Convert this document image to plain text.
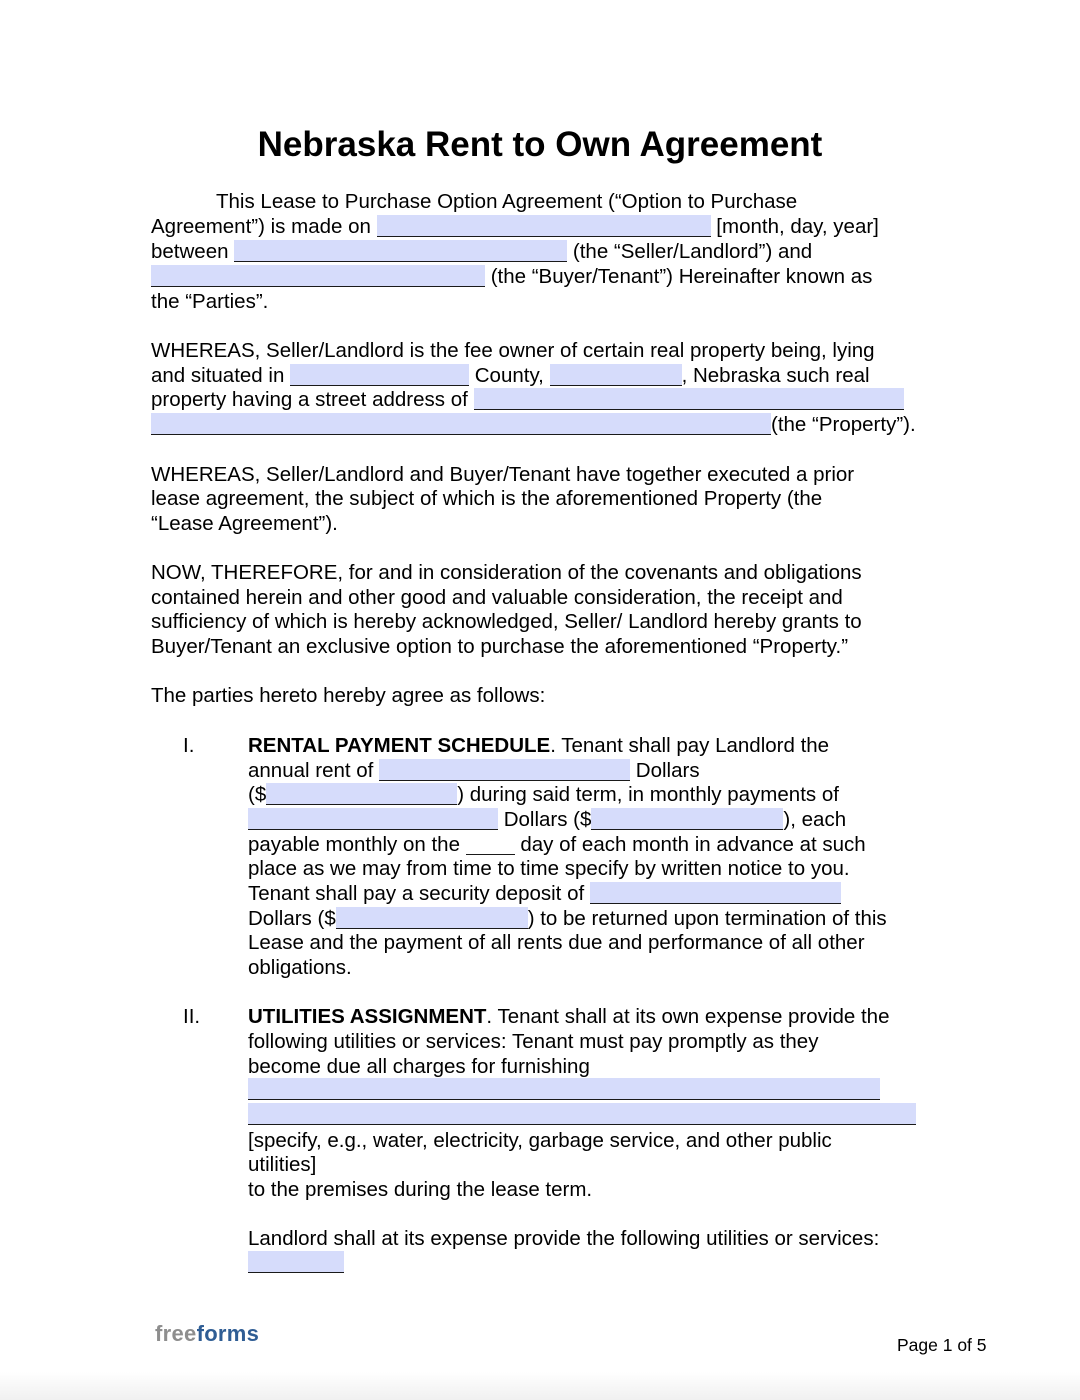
Nebraska Rent to Own Agreement
This Lease to Purchase Option Agreement (“Option to Purchase
Agreement”) is made on	[month, day, year]
between	(the “Seller/Landlord”) and
(the “Buyer/Tenant”) Hereinafter known as
the “Parties”.
WHEREAS, Seller/Landlord is the fee owner of certain real property being, lying
and situated in	County,	, Nebraska such real
property having a street address of
(the “Property”).
WHEREAS, Seller/Landlord and Buyer/Tenant have together executed a prior
lease agreement, the subject of which is the aforementioned Property (the
“Lease Agreement”).
NOW, THEREFORE, for and in consideration of the covenants and obligations
contained herein and other good and valuable consideration, the receipt and
sufficiency of which is hereby acknowledged, Seller/ Landlord hereby grants to
Buyer/Tenant an exclusive option to purchase the aforementioned “Property.”
The parties hereto hereby agree as follows:
I.	RENTAL PAYMENT SCHEDULE. Tenant shall pay Landlord the
annual rent of	Dollars
($	) during said term, in monthly payments of
Dollars ($	), each
payable monthly on the  day of each month in advance at such
place as we may from time to time specify by written notice to you.
Tenant shall pay a security deposit of
Dollars ($	) to be returned upon termination of this
Lease and the payment of all rents due and performance of all other
obligations.
II. UTILITIES ASSIGNMENT. Tenant shall at its own expense provide the
following utilities or services: Tenant must pay promptly as they
become due all charges for furnishing
[specify, e.g., water, electricity, garbage service, and other public
utilities]
to the premises during the lease term.
Landlord shall at its expense provide the following utilities or services:
freeforms	Page 1 of 5
